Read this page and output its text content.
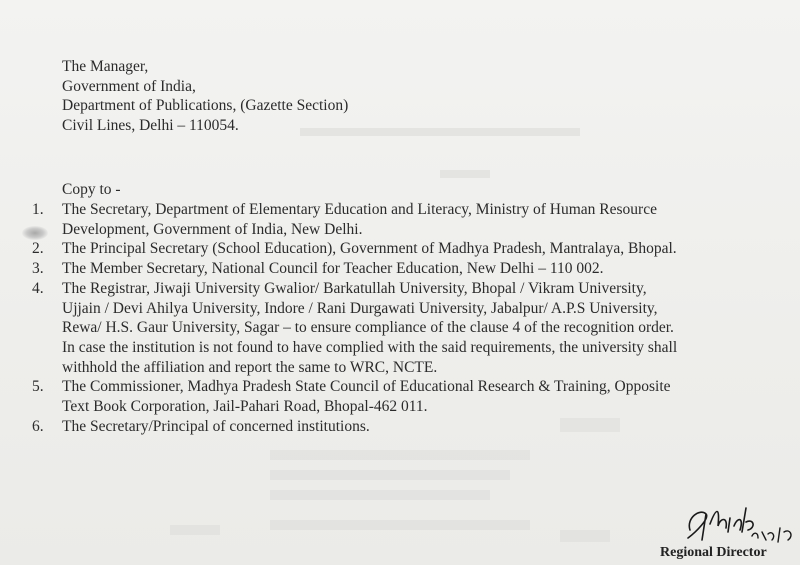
The Manager,
Government of India,
Department of Publications, (Gazette Section)
Civil Lines, Delhi – 110054.
Copy to -
1.	The Secretary, Department of Elementary Education and Literacy, Ministry of Human Resource
Development, Government of India, New Delhi.
2.	The Principal Secretary (School Education), Government of Madhya Pradesh, Mantralaya, Bhopal.
3.	The Member Secretary, National Council for Teacher Education, New Delhi – 110 002.
4.	The Registrar, Jiwaji University Gwalior/ Barkatullah University, Bhopal / Vikram University,
Ujjain / Devi Ahilya University, Indore / Rani Durgawati University, Jabalpur/ A.P.S University,
Rewa/ H.S. Gaur University, Sagar – to ensure compliance of the clause 4 of the recognition order.
In case the institution is not found to have complied with the said requirements, the university shall
withhold the affiliation and report the same to WRC, NCTE.
5.	The Commissioner, Madhya Pradesh State Council of Educational Research & Training, Opposite
Text Book Corporation, Jail-Pahari Road, Bhopal-462 011.
6.	The Secretary/Principal of concerned institutions.
Regional Director
